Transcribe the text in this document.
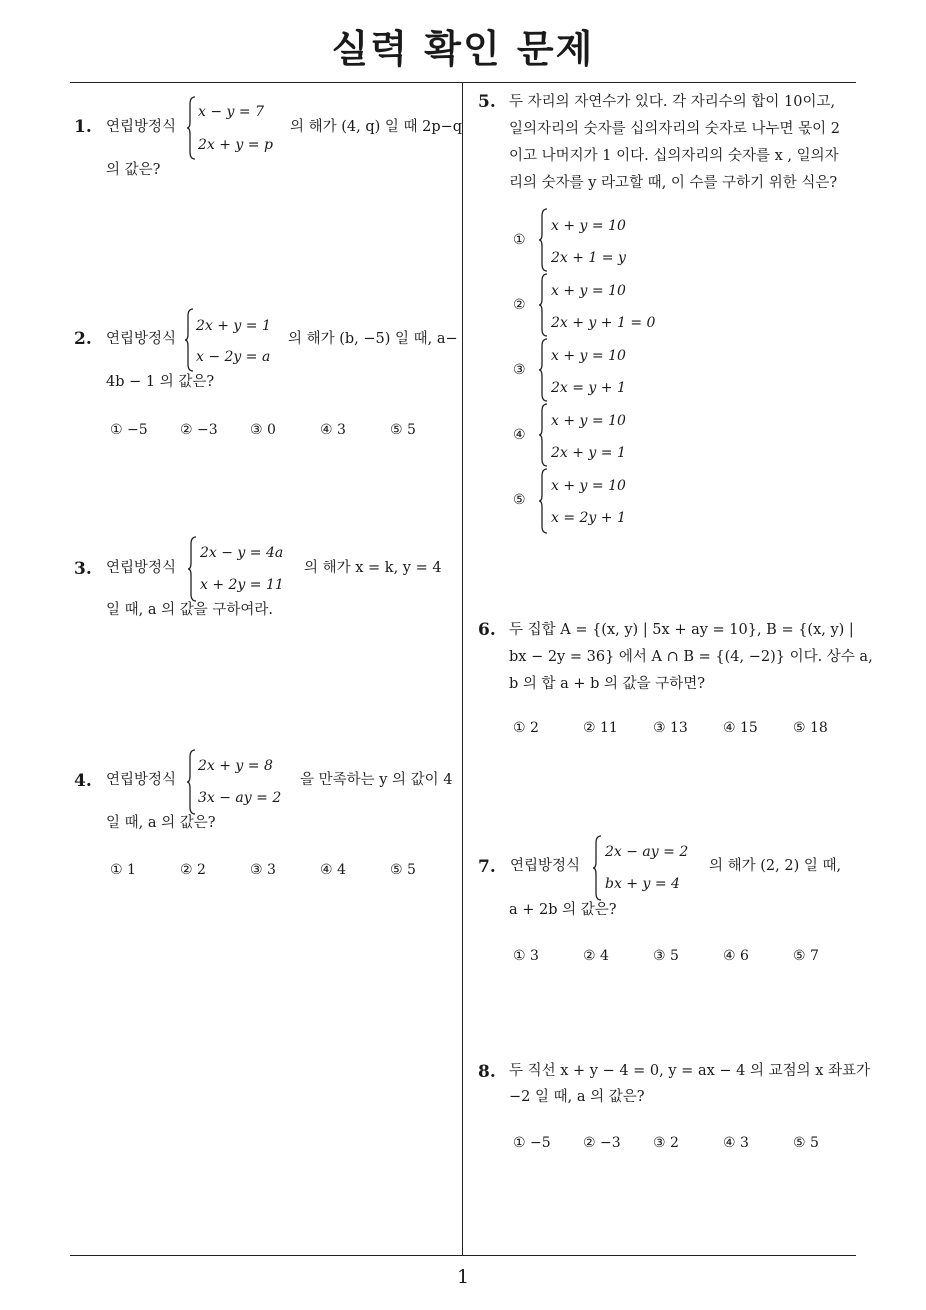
실력 확인 문제
1
1. 연립방정식
x − y = 7
2x + y = p
의 해가 (4, q) 일 때 2p−q
의 값은?
2. 연립방정식
2x + y = 1
x − 2y = a
의 해가 (b, −5) 일 때, a−
4b − 1 의 값은?
① −5 ② −3 ③ 0	④ 3	⑤ 5
3. 연립방정식
2x − y = 4a
x + 2y = 11
의 해가 x = k, y = 4
일 때, a 의 값을 구하여라.
4. 연립방정식
2x + y = 8
3x − ay = 2
을 만족하는 y 의 값이 4
일 때, a 의 값은?
① 1	② 2	③ 3	④ 4	⑤ 5
5. 두 자리의 자연수가 있다. 각 자리수의 합이 10이고,
일의자리의 숫자를 십의자리의 숫자로 나누면 몫이 2
이고 나머지가 1 이다. 십의자리의 숫자를 x , 일의자
리의 숫자를 y 라고할 때, 이 수를 구하기 위한 식은?
①
x + y = 10
2x + 1 = y
②
x + y = 10
2x + y + 1 = 0
③
x + y = 10
2x = y + 1
④
x + y = 10
2x + y = 1
⑤
x + y = 10
x = 2y + 1
6. 두 집합 A = {(x, y) | 5x + ay = 10}, B = {(x, y) |
bx − 2y = 36} 에서 A ∩ B = {(4, −2)} 이다. 상수 a,
b 의 합 a + b 의 값을 구하면?
① 2	② 11	③ 13	④ 15	⑤ 18
7. 연립방정식
2x − ay = 2
bx + y = 4
의 해가 (2, 2) 일 때,
a + 2b 의 값은?
① 3	② 4	③ 5	④ 6	⑤ 7
8. 두 직선 x + y − 4 = 0, y = ax − 4 의 교점의 x 좌표가
−2 일 때, a 의 값은?
① −5 ② −3 ③ 2	④ 3	⑤ 5
